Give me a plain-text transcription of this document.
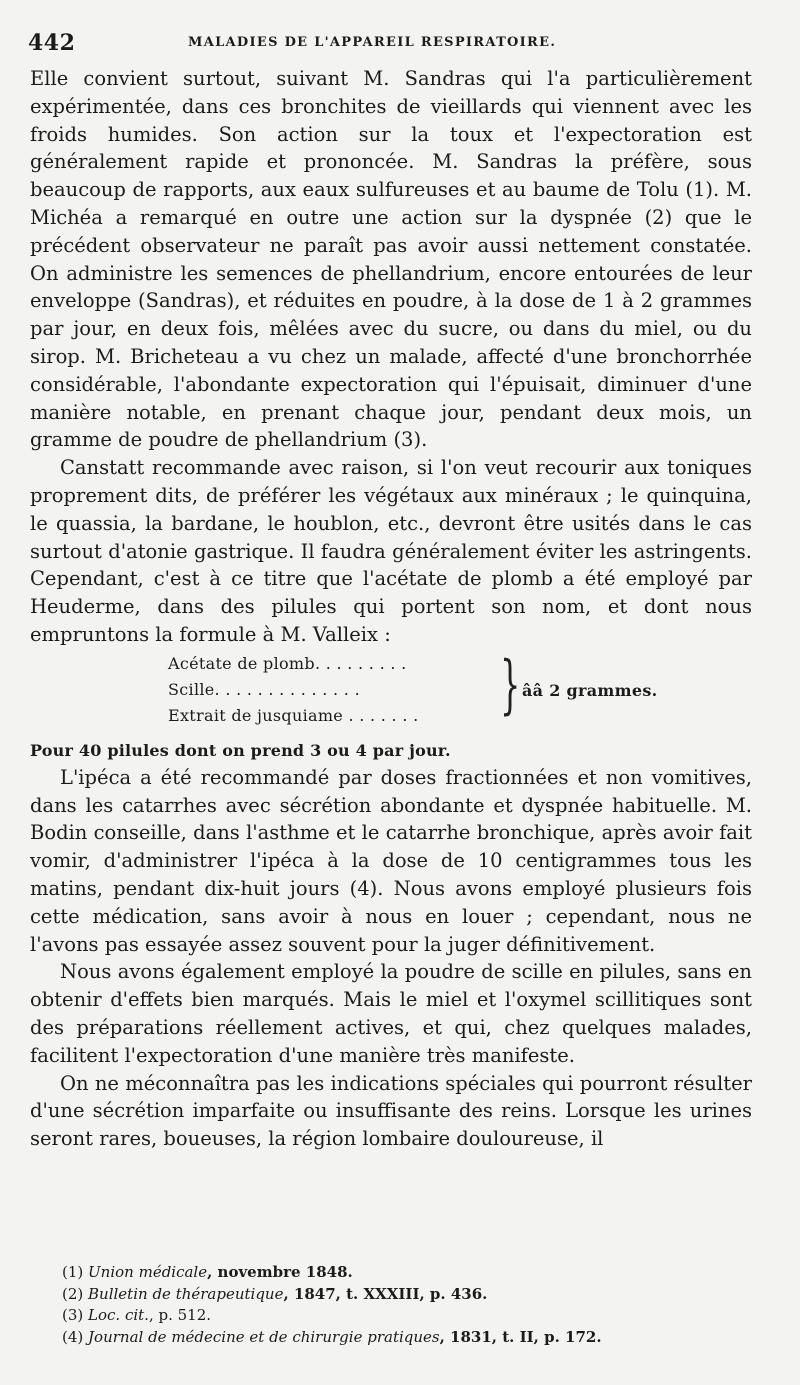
442	MALADIES DE L'APPAREIL RESPIRATOIRE.

Elle convient surtout, suivant M. Sandras qui l'a particulièrement expérimentée, dans ces bronchites de vieillards qui viennent avec les froids humides. Son action sur la toux et l'expectoration est généralement rapide et prononcée. M. Sandras la préfère, sous beaucoup de rapports, aux eaux sulfureuses et au baume de Tolu (1). M. Michéa a remarqué en outre une action sur la dyspnée (2) que le précédent observateur ne paraît pas avoir aussi nettement constatée. On administre les semences de phellandrium, encore entourées de leur enveloppe (Sandras), et réduites en poudre, à la dose de 1 à 2 grammes par jour, en deux fois, mêlées avec du sucre, ou dans du miel, ou du sirop. M. Bricheteau a vu chez un malade, affecté d'une bronchorrhée considérable, l'abondante expectoration qui l'épuisait, diminuer d'une manière notable, en prenant chaque jour, pendant deux mois, un gramme de poudre de phellandrium (3).

Canstatt recommande avec raison, si l'on veut recourir aux toniques proprement dits, de préférer les végétaux aux minéraux ; le quinquina, le quassia, la bardane, le houblon, etc., devront être usités dans le cas surtout d'atonie gastrique. Il faudra généralement éviter les astringents. Cependant, c'est à ce titre que l'acétate de plomb a été employé par Heuderme, dans des pilules qui portent son nom, et dont nous empruntons la formule à M. Valleix :

Acétate de plomb. . . . . . . . .
Scille. . . . . . . . . . . . . .
Extrait de jusquiame . . . . . . . } ââ 2 grammes.

Pour 40 pilules dont on prend 3 ou 4 par jour.

L'ipéca a été recommandé par doses fractionnées et non vomitives, dans les catarrhes avec sécrétion abondante et dyspnée habituelle. M. Bodin conseille, dans l'asthme et le catarrhe bronchique, après avoir fait vomir, d'administrer l'ipéca à la dose de 10 centigrammes tous les matins, pendant dix-huit jours (4). Nous avons employé plusieurs fois cette médication, sans avoir à nous en louer ; cependant, nous ne l'avons pas essayée assez souvent pour la juger définitivement.

Nous avons également employé la poudre de scille en pilules, sans en obtenir d'effets bien marqués. Mais le miel et l'oxymel scillitiques sont des préparations réellement actives, et qui, chez quelques malades, facilitent l'expectoration d'une manière très manifeste.

On ne méconnaîtra pas les indications spéciales qui pourront résulter d'une sécrétion imparfaite ou insuffisante des reins. Lorsque les urines seront rares, boueuses, la région lombaire douloureuse, il

(1) Union médicale, novembre 1848.

(2) Bulletin de thérapeutique, 1847, t. XXXIII, p. 436.

(3) Loc. cit., p. 512.

(4) Journal de médecine et de chirurgie pratiques, 1831, t. II, p. 172.
